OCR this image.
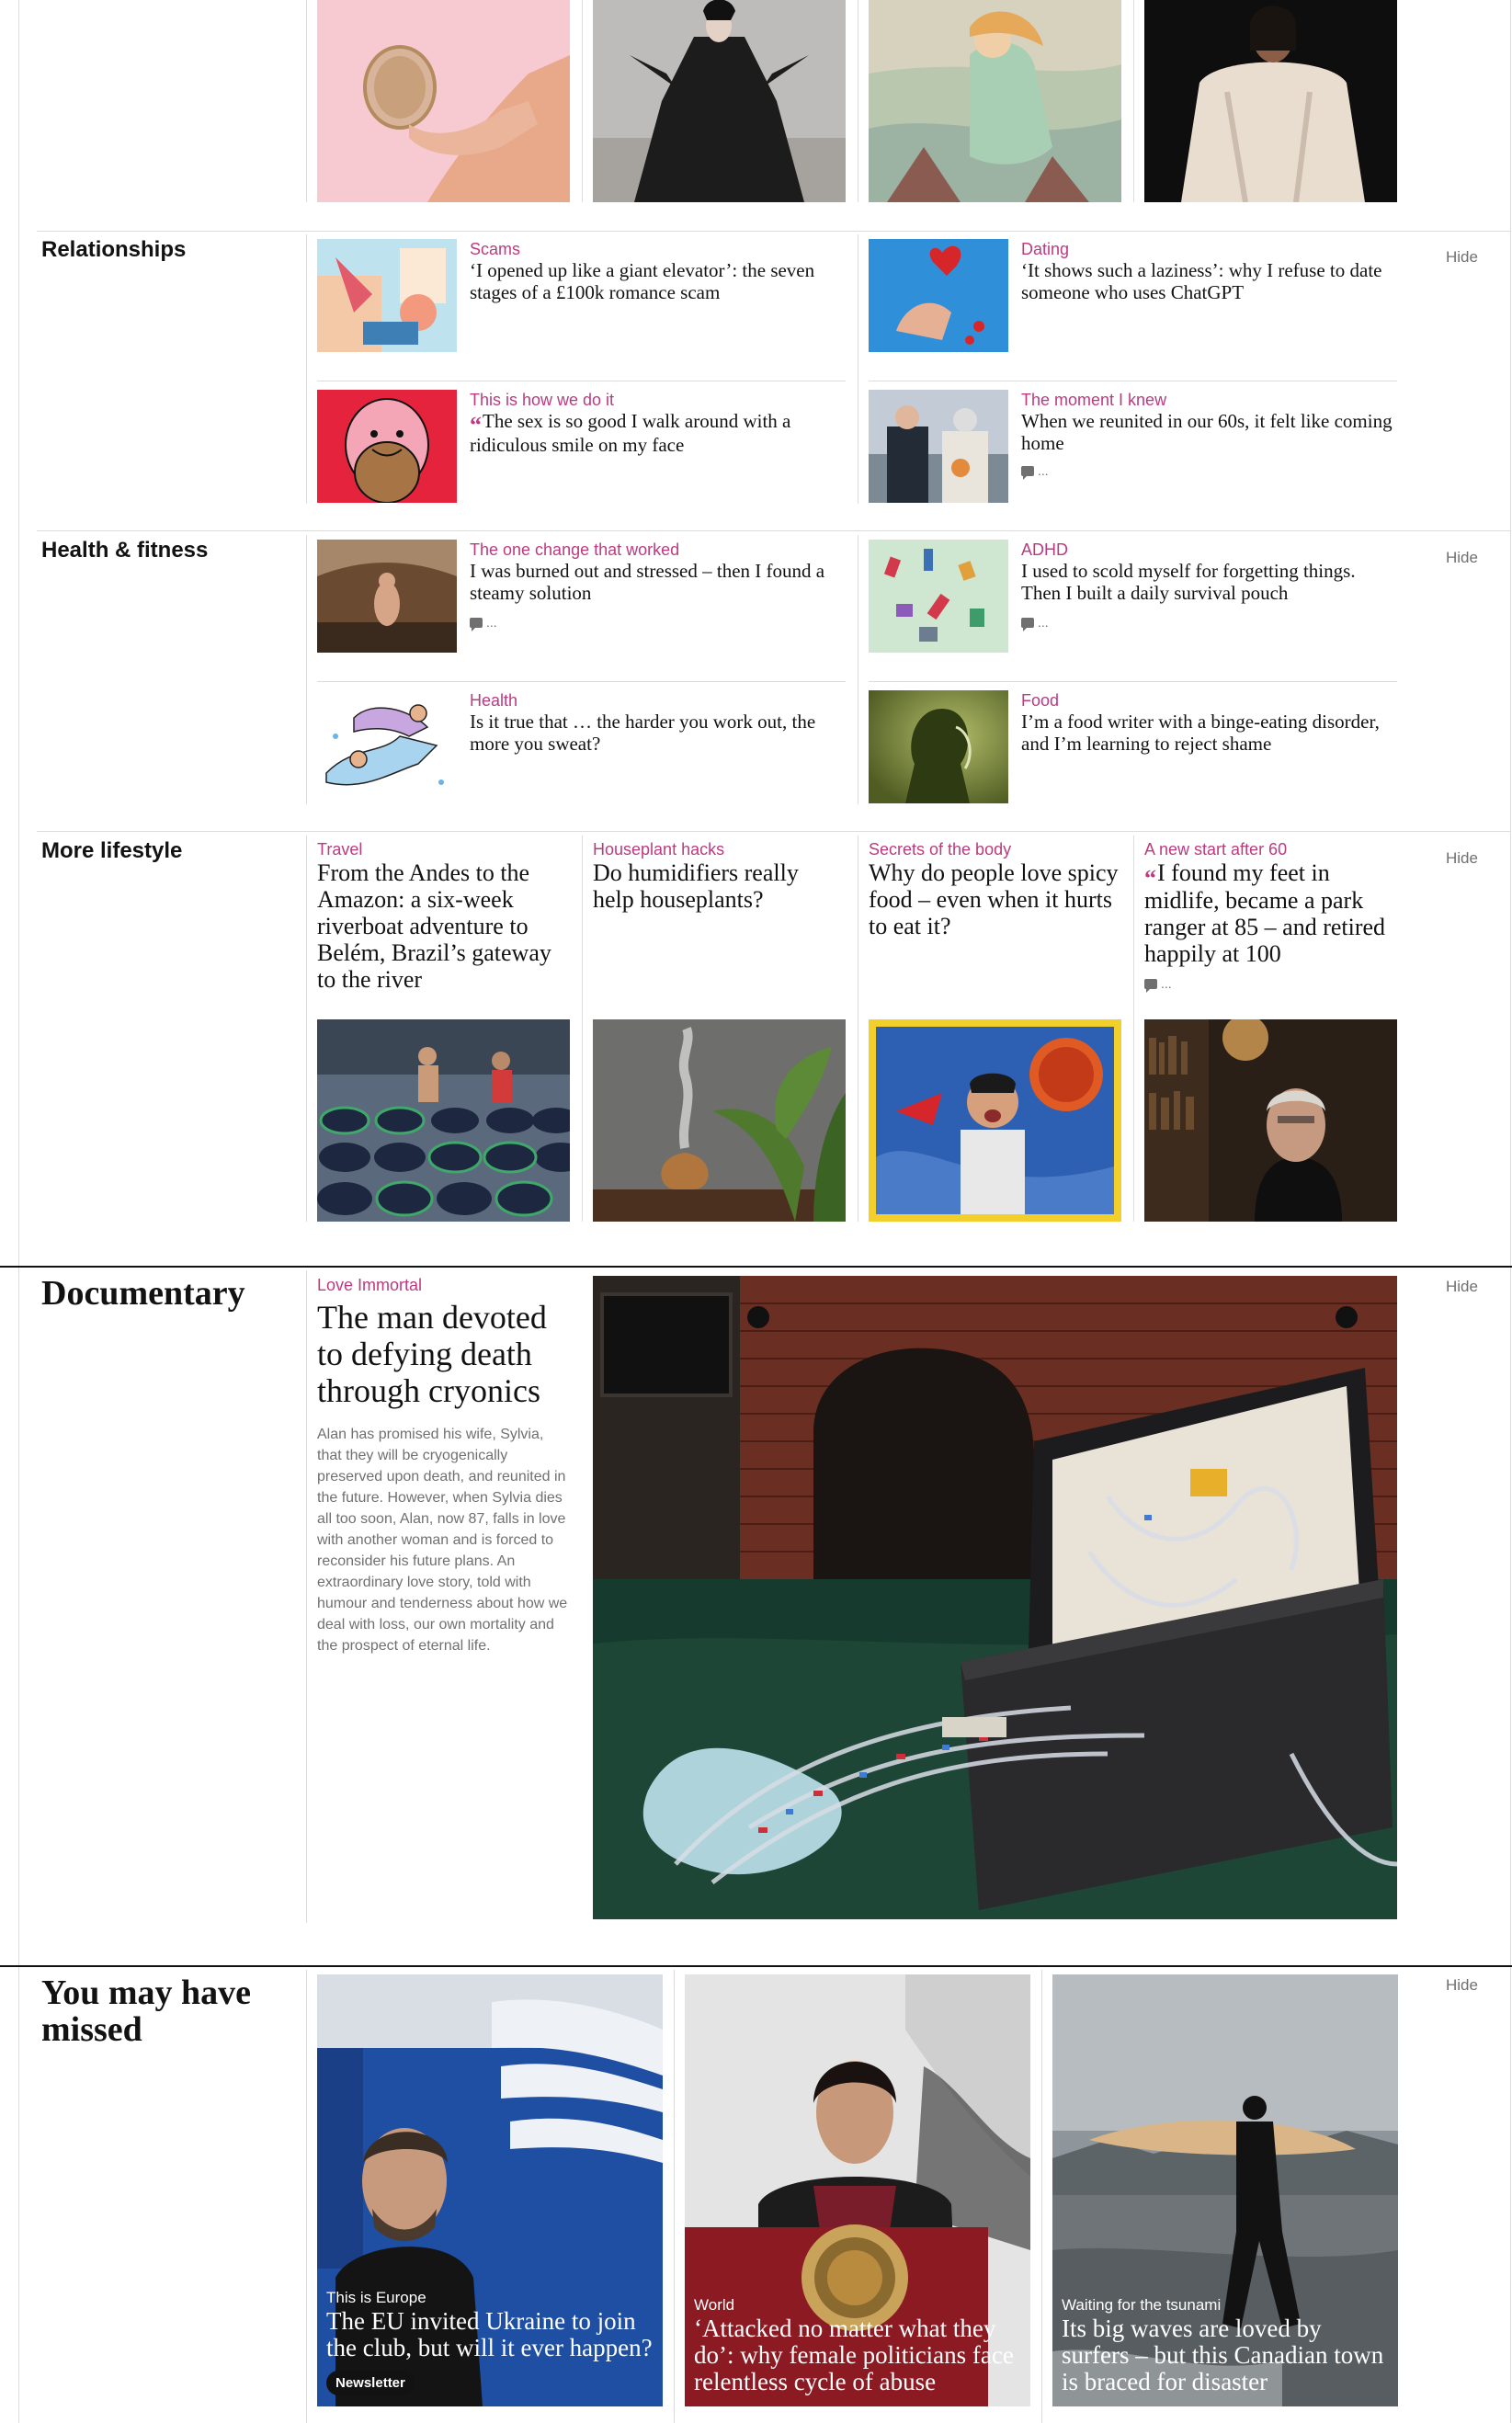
Relationships	Hide
Scams
‘I opened up like a giant elevator’: the seven stages of a £100k romance scam
Dating
‘It shows such a laziness’: why I refuse to date someone who uses ChatGPT
This is how we do it
“ The sex is so good I walk around with a ridiculous smile on my face
The moment I knew
When we reunited in our 60s, it felt like coming home
...
Health & fitness	Hide
The one change that worked
I was burned out and stressed – then I found a steamy solution
...
ADHD
I used to scold myself for forgetting things. Then I built a daily survival pouch
...
Health
Is it true that … the harder you work out, the more you sweat?
Food
I’m a food writer with a binge-eating disorder, and I’m learning to reject shame
More lifestyle	Hide
Travel
From the Andes to the Amazon: a six-week riverboat adventure to Belém, Brazil’s gateway to the river
Houseplant hacks
Do humidifiers really help houseplants?
Secrets of the body
Why do people love spicy food – even when it hurts to eat it?
A new start after 60
“ I found my feet in midlife, became a park ranger at 85 – and retired happily at 100
...
Documentary	Hide
Love Immortal
The man devoted to defying death through cryonics
Alan has promised his wife, Sylvia, that they will be cryogenically preserved upon death, and reunited in the future. However, when Sylvia dies all too soon, Alan, now 87, falls in love with another woman and is forced to reconsider his future plans. An extraordinary love story, told with humour and tenderness about how we deal with loss, our own mortality and the prospect of eternal life.
You may have missed
Hide
This is Europe
The EU invited Ukraine to join the club, but will it ever happen?
Newsletter
World
‘Attacked no matter what they do’: why female politicians face relentless cycle of abuse
Waiting for the tsunami
Its big waves are loved by surfers – but this Canadian town is braced for disaster
